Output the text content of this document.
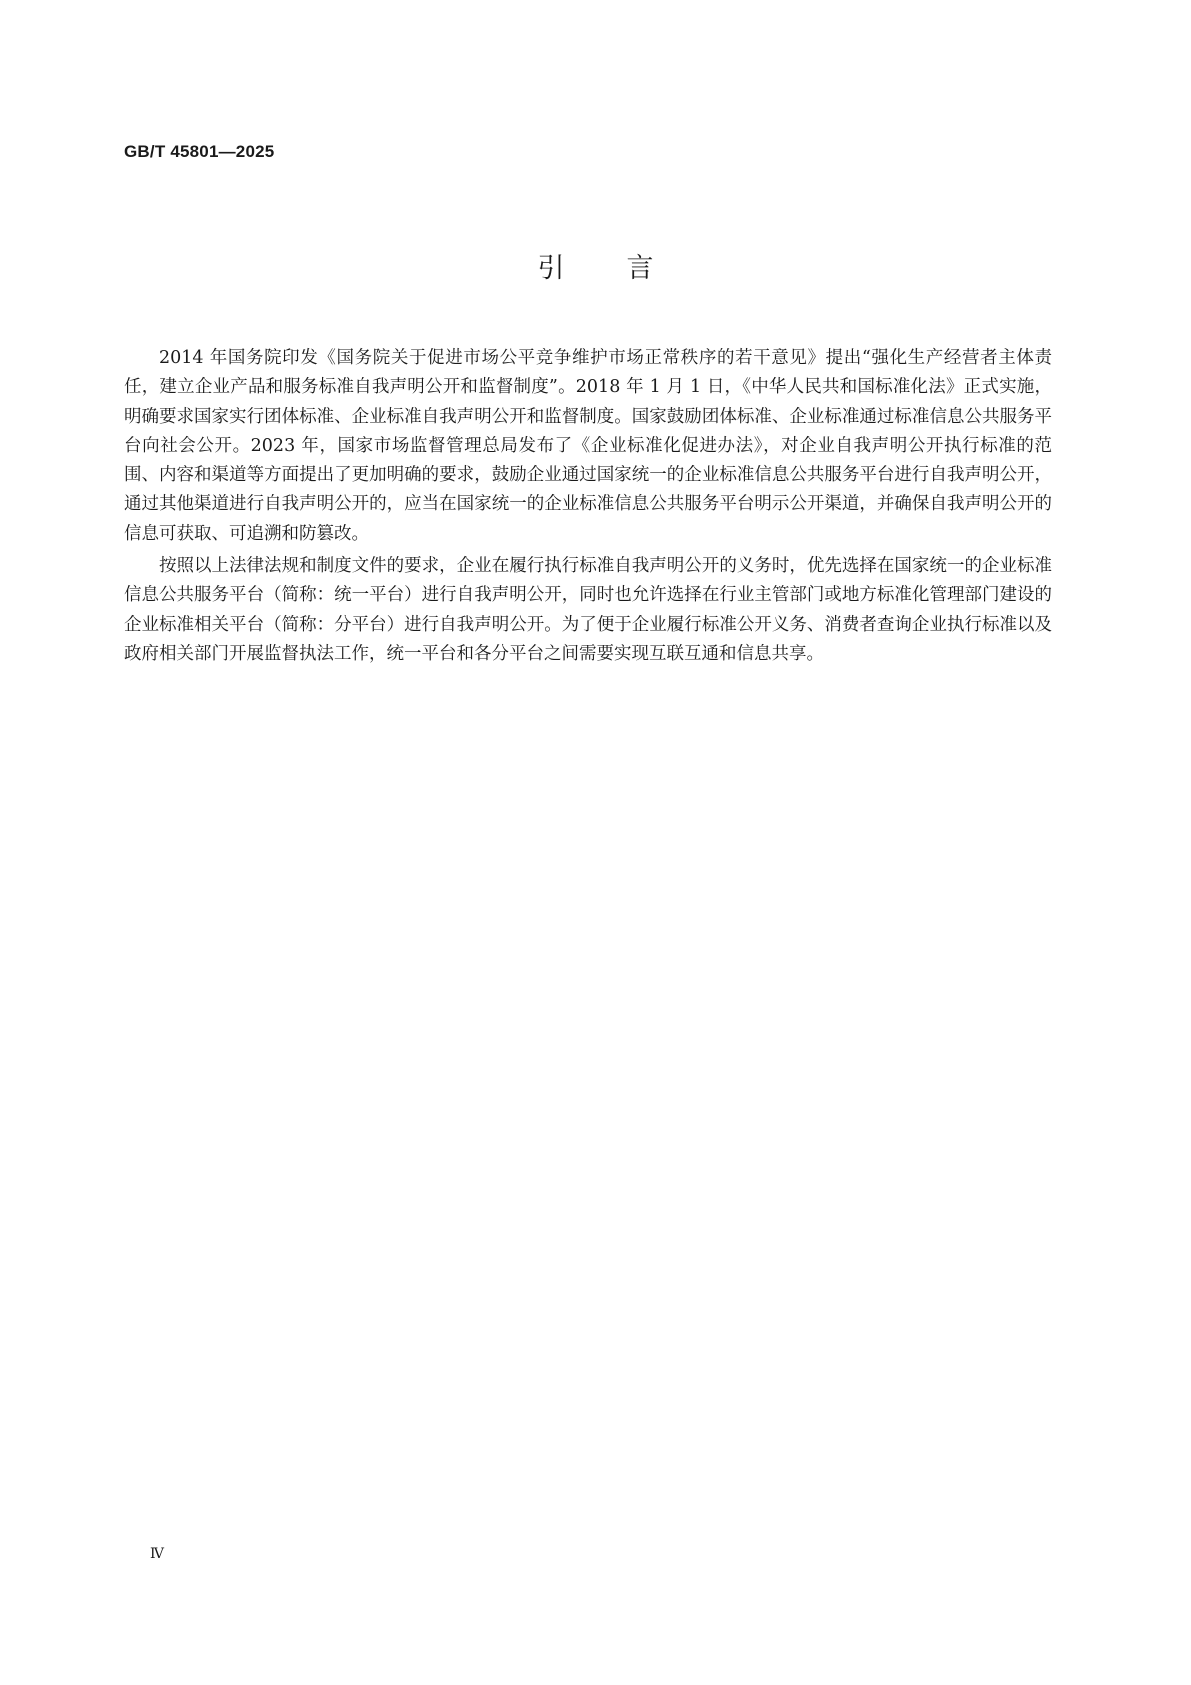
GB/T 45801—2025
引言

2014 年国务院印发《国务院关于促进市场公平竞争维护市场正常秩序的若干意见》提出“强化生产经营者主体责任，建立企业产品和服务标准自我声明公开和监督制度”。2018 年 1 月 1 日，《中华人民共和国标准化法》正式实施，明确要求国家实行团体标准、企业标准自我声明公开和监督制度。国家鼓励团体标准、企业标准通过标准信息公共服务平台向社会公开。2023 年，国家市场监督管理总局发布了《企业标准化促进办法》，对企业自我声明公开执行标准的范围、内容和渠道等方面提出了更加明确的要求，鼓励企业通过国家统一的企业标准信息公共服务平台进行自我声明公开，通过其他渠道进行自我声明公开的，应当在国家统一的企业标准信息公共服务平台明示公开渠道，并确保自我声明公开的信息可获取、可追溯和防篡改。

按照以上法律法规和制度文件的要求，企业在履行执行标准自我声明公开的义务时，优先选择在国家统一的企业标准信息公共服务平台（简称：统一平台）进行自我声明公开，同时也允许选择在行业主管部门或地方标准化管理部门建设的企业标准相关平台（简称：分平台）进行自我声明公开。为了便于企业履行标准公开义务、消费者查询企业执行标准以及政府相关部门开展监督执法工作，统一平台和各分平台之间需要实现互联互通和信息共享。

Ⅳ
